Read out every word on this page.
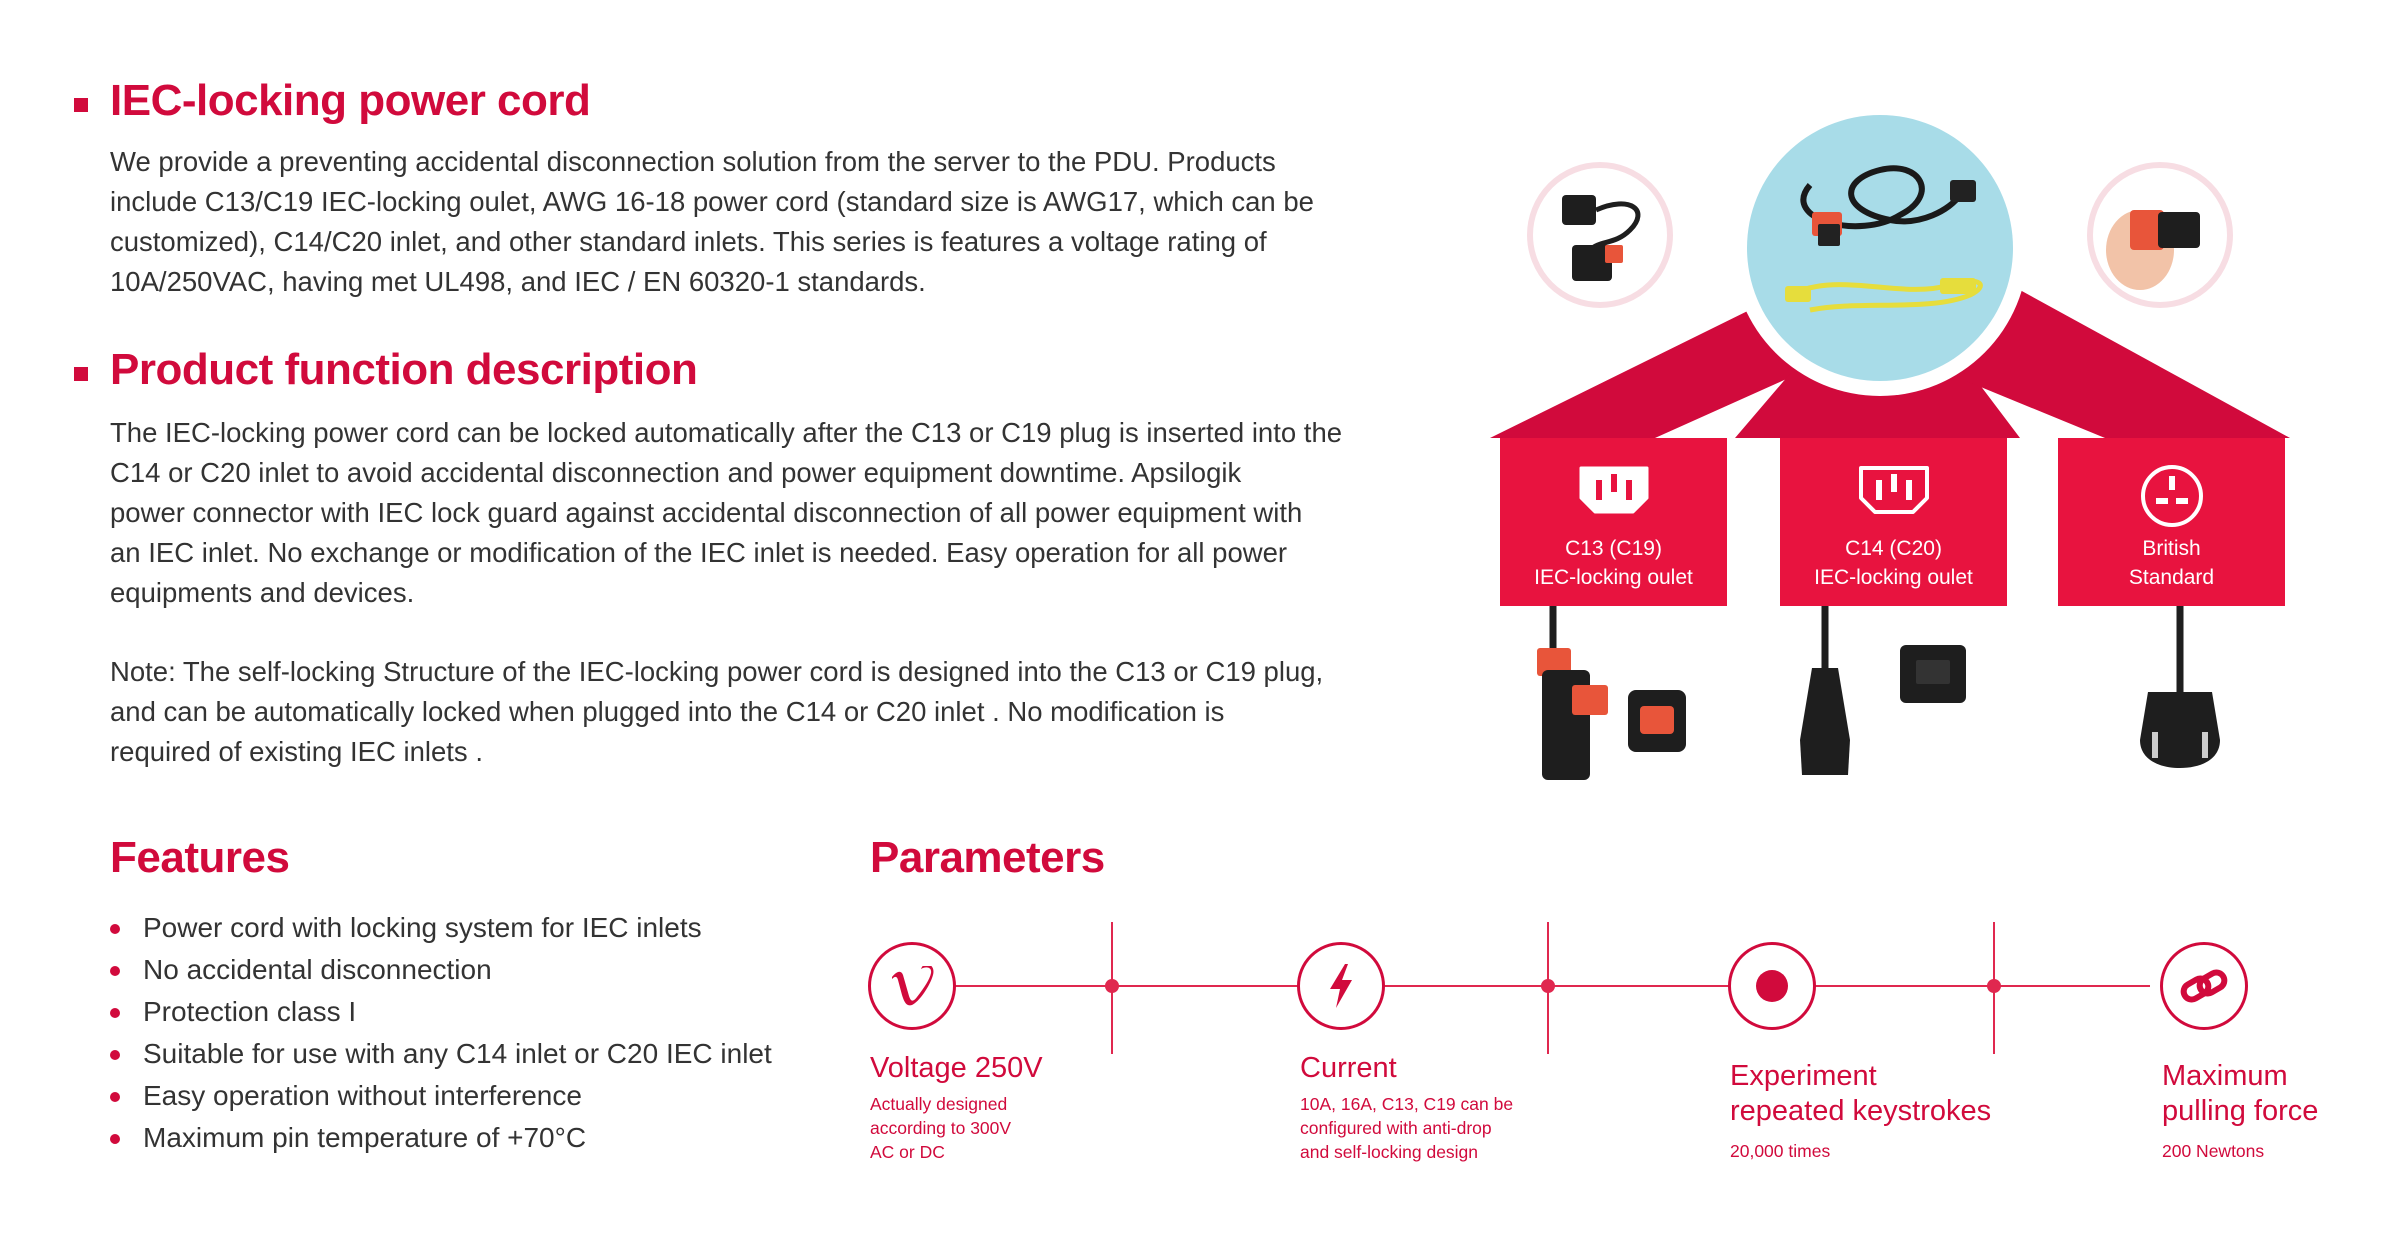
IEC-locking power cord
We provide a preventing accidental disconnection solution from the server to the PDU. Products
include C13/C19 IEC-locking oulet, AWG 16-18 power cord (standard size is AWG17, which can be
customized), C14/C20 inlet, and other standard inlets. This series is features a voltage rating of
10A/250VAC, having met UL498, and IEC / EN 60320-1 standards.
Product function description
The IEC-locking power cord can be locked automatically after the C13 or C19 plug is inserted into the
C14 or C20 inlet to avoid accidental disconnection and power equipment downtime. Apsilogik
power connector with IEC lock guard against accidental disconnection of all power equipment with
an IEC inlet. No exchange or modification of the IEC inlet is needed. Easy operation for all power
equipments and devices.
Note: The self-locking Structure of the IEC-locking power cord is designed into the C13 or C19 plug,
and can be automatically locked when plugged into the C14 or C20 inlet . No modification is
required of existing IEC inlets .
Features
Power cord with locking system for IEC inlets
No accidental disconnection
Protection class I
Suitable for use with any C14 inlet or C20 IEC inlet
Easy operation without interference
Maximum pin temperature of +70°C
Parameters
Voltage 250V
Actually designed
according to 300V
AC or DC
Current
10A, 16A, C13, C19 can be
configured with anti-drop
and self-locking design
Experiment
repeated keystrokes
20,000 times
Maximum
pulling force
200 Newtons
C13 (C19)
IEC-locking oulet
C14 (C20)
IEC-locking oulet
British
Standard
